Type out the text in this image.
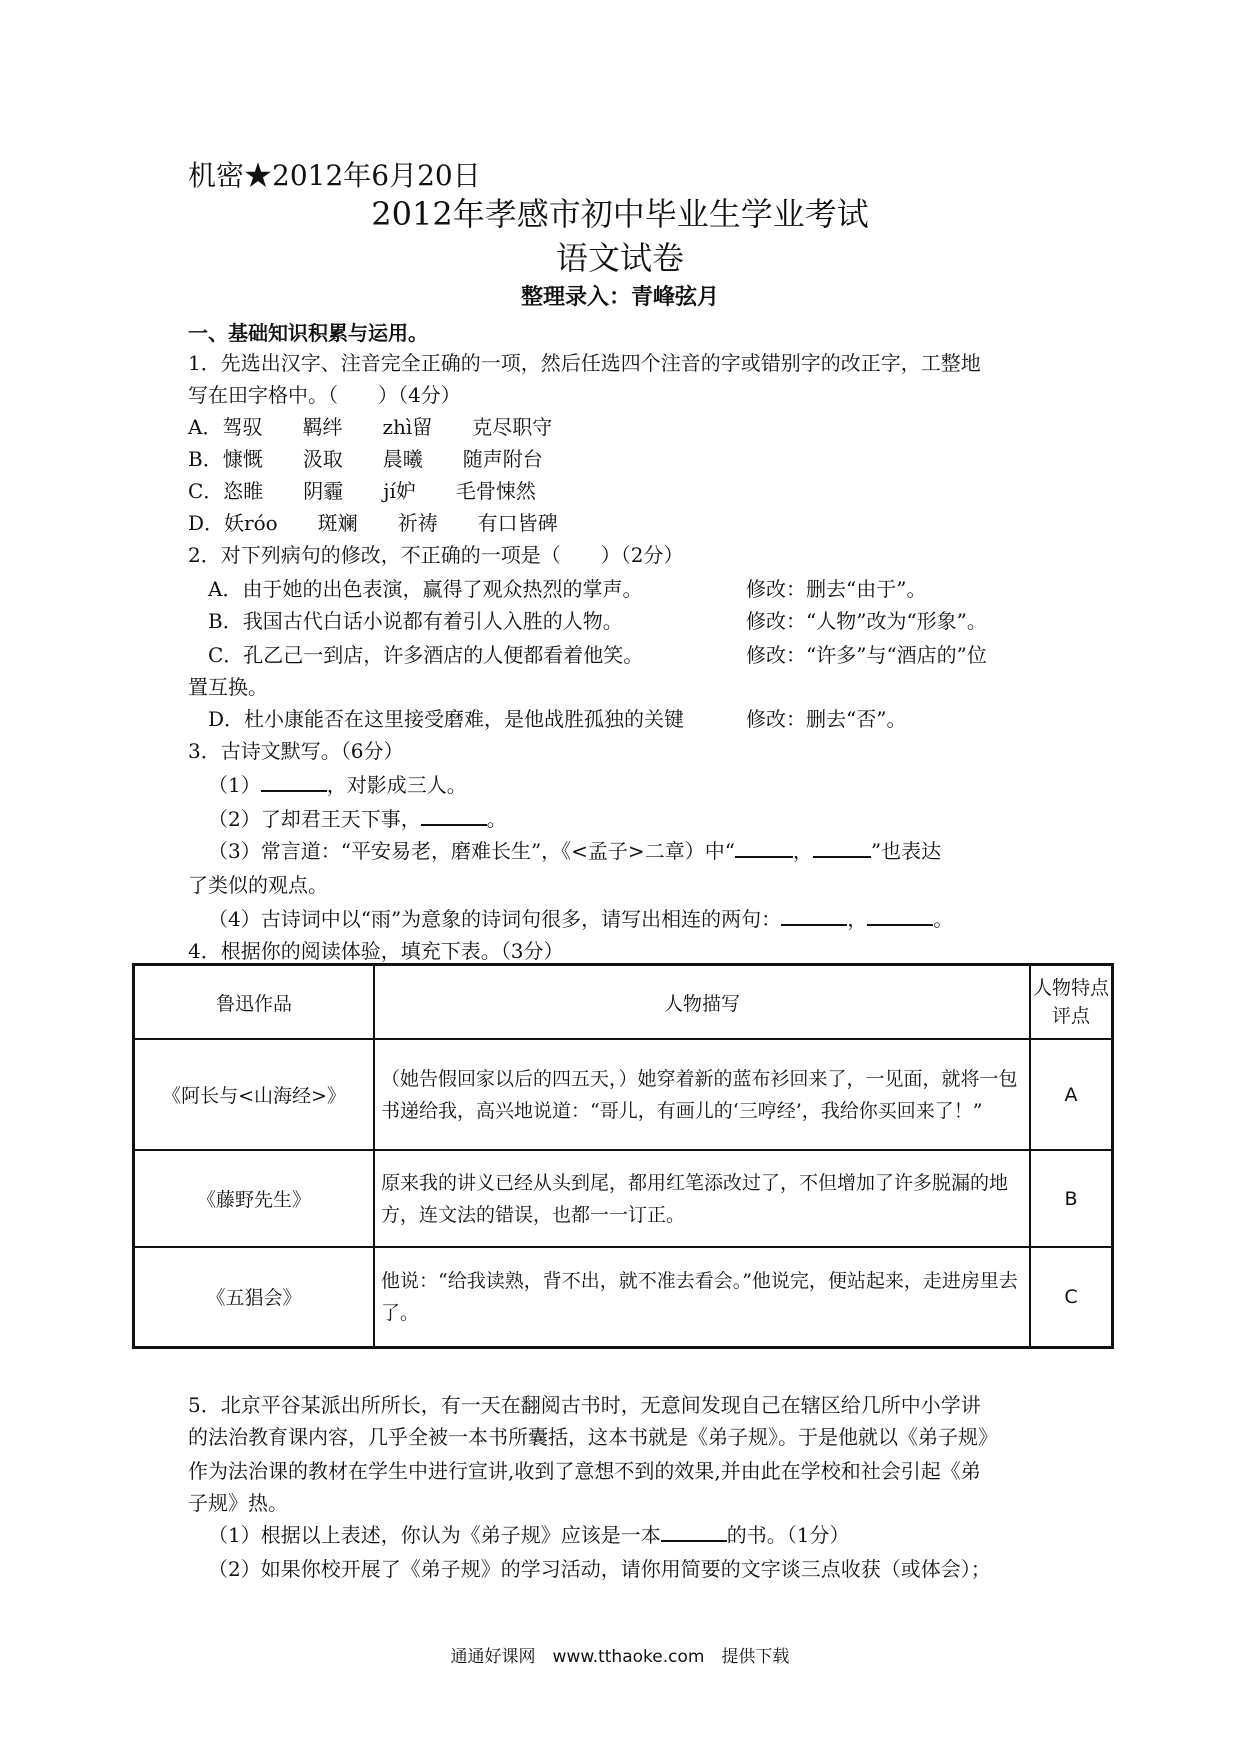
机密★2012年6月20日
2012年孝感市初中毕业生学业考试
语文试卷
整理录入：青峰弦月
一、基础知识积累与运用。
1．先选出汉字、注音完全正确的一项，然后任选四个注音的字或错别字的改正字，工整地
写在田字格中。（　　）（4分）
A．驾驭　　羁绊　　zhì留　　克尽职守
B．慷慨　　汲取　　晨曦　　随声附台
C．恣睢　　阴霾　　jí妒　　毛骨悚然
D．妖róo　　斑斓　　祈祷　　有口皆碑
2．对下列病句的修改，不正确的一项是（　　）（2分）
A．由于她的出色表演，赢得了观众热烈的掌声。	修改：删去“由于”。
B．我国古代白话小说都有着引人入胜的人物。	修改：“人物”改为“形象”。
C．孔乙己一到店，许多酒店的人便都看着他笑。	修改：“许多”与“酒店的”位
置互换。
D．杜小康能否在这里接受磨难，是他战胜孤独的关键	修改：删去“否”。
3．古诗文默写。（6分）
（1）	，对影成三人。
（2）了却君王天下事，	。
（3）常言道：“平安易老，磨难长生”，《<孟子>二章）中“	，	”也表达
了类似的观点。
（4）古诗词中以“雨”为意象的诗词句很多，请写出相连的两句：	，	。
4．根据你的阅读体验，填充下表。（3分）
鲁迅作品	人物描写	人物特点评点
《阿长与<山海经>》	（她告假回家以后的四五天，）她穿着新的蓝布衫回来了，一见面，就将一包书递给我，高兴地说道：“哥儿，有画儿的‘三哼经’，我给你买回来了！”	A
《藤野先生》	原来我的讲义已经从头到尾，都用红笔添改过了，不但增加了许多脱漏的地方，连文法的错误，也都一一订正。	B
《五猖会》	他说：“给我读熟，背不出，就不准去看会。”他说完，便站起来，走进房里去了。	C
5．北京平谷某派出所所长，有一天在翻阅古书时，无意间发现自己在辖区给几所中小学讲
的法治教育课内容，几乎全被一本书所囊括，这本书就是《弟子规》。于是他就以《弟子规》
作为法治课的教材在学生中进行宣讲,收到了意想不到的效果,并由此在学校和社会引起《弟
子规》热。
（1）根据以上表述，你认为《弟子规》应该是一本	的书。（1分）
（2）如果你校开展了《弟子规》的学习活动，请你用简要的文字谈三点收获（或体会）；
通通好课网　www.tthaoke.com　提供下载
